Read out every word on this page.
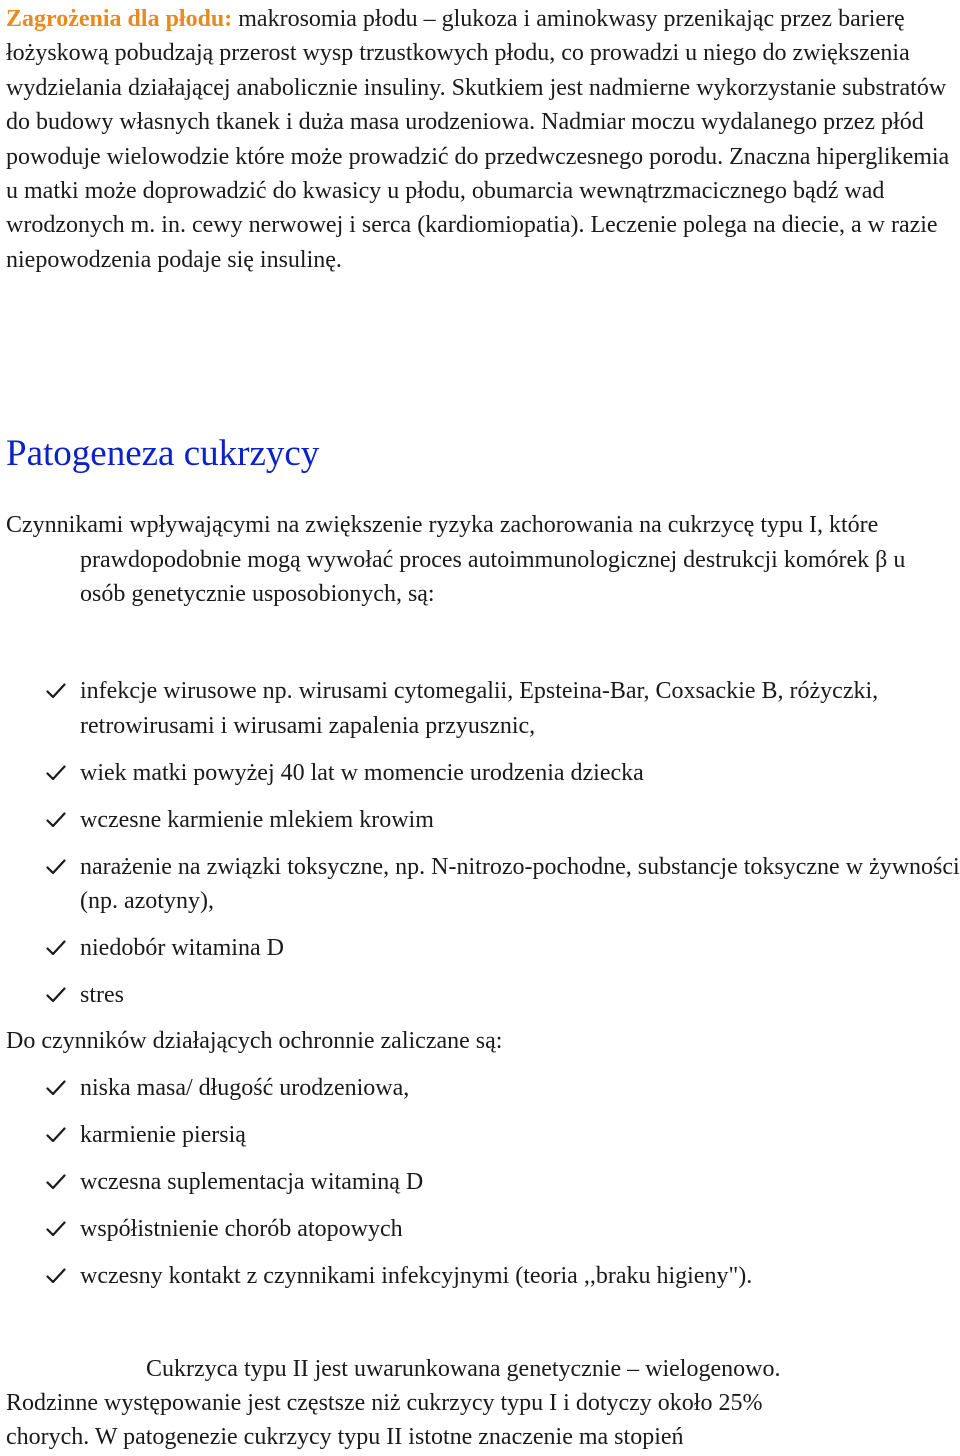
Zagrożenia dla płodu: makrosomia płodu – glukoza i aminokwasy przenikając przez barierę łożyskową pobudzają przerost wysp trzustkowych płodu, co prowadzi u niego do zwiększenia wydzielania działającej anabolicznie insuliny. Skutkiem jest nadmierne wykorzystanie substratów do budowy własnych tkanek i duża masa urodzeniowa. Nadmiar moczu wydalanego przez płód powoduje wielowodzie które może prowadzić do przedwczesnego porodu. Znaczna hiperglikemia u matki może doprowadzić do kwasicy u płodu, obumarcia wewnątrzmacicznego bądź wad wrodzonych m. in. cewy nerwowej i serca (kardiomiopatia). Leczenie polega na diecie, a w razie niepowodzenia podaje się insulinę.

Patogeneza cukrzycy

Czynnikami wpływającymi na zwiększenie ryzyka zachorowania na cukrzycę typu I, które prawdopodobnie mogą wywołać proces autoimmunologicznej destrukcji komórek β u osób genetycznie usposobionych, są:

infekcje wirusowe np. wirusami cytomegalii, Epsteina-Bar, Coxsackie B, różyczki, retrowirusami i wirusami zapalenia przyusznic,
wiek matki powyżej 40 lat w momencie urodzenia dziecka
wczesne karmienie mlekiem krowim
narażenie na związki toksyczne, np. N-nitrozo-pochodne, substancje toksyczne w żywności (np. azotyny),
niedobór witamina D
stres

Do czynników działających ochronnie zaliczane są:

niska masa/ długość urodzeniowa,
karmienie piersią
wczesna suplementacja witaminą D
współistnienie chorób atopowych
wczesny kontakt z czynnikami infekcyjnymi (teoria ,,braku higieny").

Cukrzyca typu II jest uwarunkowana genetycznie – wielogenowo.
Rodzinne występowanie jest częstsze niż cukrzycy typu I i dotyczy około 25%
chorych. W patogenezie cukrzycy typu II istotne znaczenie ma stopień
